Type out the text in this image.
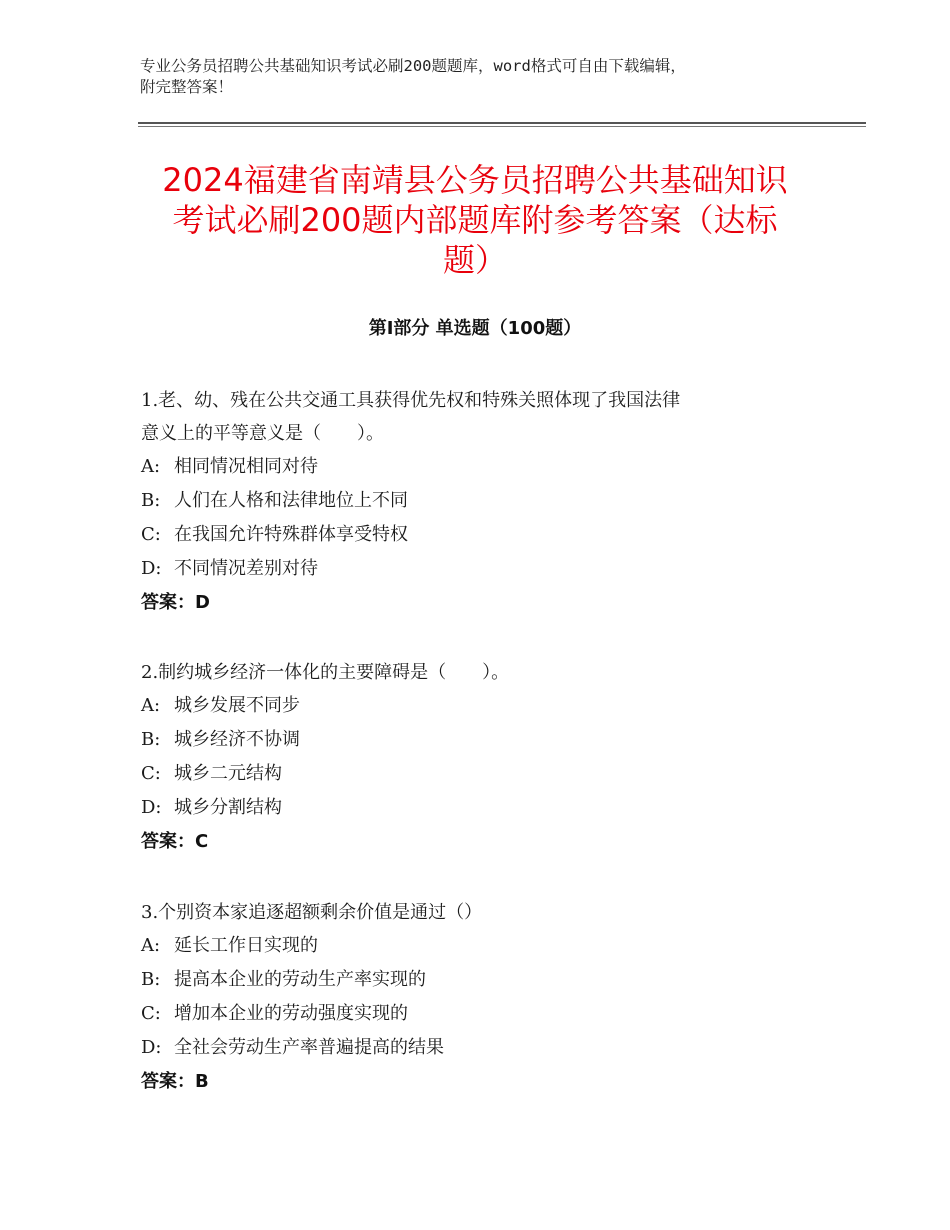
专业公务员招聘公共基础知识考试必刷200题题库，word格式可自由下载编辑，
附完整答案！
2024福建省南靖县公务员招聘公共基础知识
考试必刷200题内部题库附参考答案（达标
题）
第Ⅰ部分 单选题（100题）
1.老、幼、残在公共交通工具获得优先权和特殊关照体现了我国法律
意义上的平等意义是（　　）。
A: 相同情况相同对待
B: 人们在人格和法律地位上不同
C: 在我国允许特殊群体享受特权
D: 不同情况差别对待
答案：D
2.制约城乡经济一体化的主要障碍是（　　）。
A: 城乡发展不同步
B: 城乡经济不协调
C: 城乡二元结构
D: 城乡分割结构
答案：C
3.个别资本家追逐超额剩余价值是通过（）
A: 延长工作日实现的
B: 提高本企业的劳动生产率实现的
C: 增加本企业的劳动强度实现的
D: 全社会劳动生产率普遍提高的结果
答案：B
